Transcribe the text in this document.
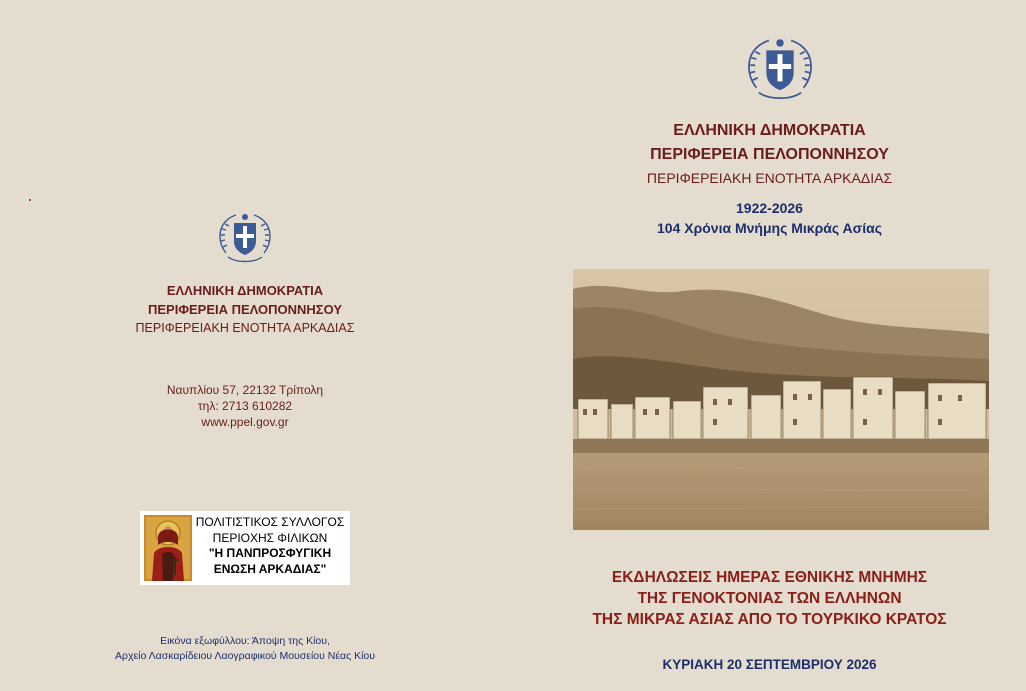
ΕΛΛΗΝΙΚΗ ΔΗΜΟΚΡΑΤΙΑ
ΠΕΡΙΦΕΡΕΙΑ ΠΕΛΟΠΟΝΝΗΣΟΥ
ΠΕΡΙΦΕΡΕΙΑΚΗ ΕΝΟΤΗΤΑ ΑΡΚΑΔΙΑΣ
Ναυπλίου 57, 22132 Τρίπολη
τηλ: 2713 610282
www.ppel.gov.gr
ΠΟΛΙΤΙΣΤΙΚΟΣ ΣΥΛΛΟΓΟΣ
ΠΕΡΙΟΧΗΣ ΦΙΛΙΚΩΝ
"Η ΠΑΝΠΡΟΣΦΥΓΙΚΗ
ΕΝΩΣΗ ΑΡΚΑΔΙΑΣ"
Εικόνα εξωφύλλου: Άποψη της Κίου,
Αρχείο Λασκαρίδειου Λαογραφικού Μουσείου Νέας Κίου
ΕΛΛΗΝΙΚΗ ΔΗΜΟΚΡΑΤΙΑ
ΠΕΡΙΦΕΡΕΙΑ ΠΕΛΟΠΟΝΝΗΣΟΥ
ΠΕΡΙΦΕΡΕΙΑΚΗ ΕΝΟΤΗΤΑ ΑΡΚΑΔΙΑΣ
1922-2026
104 Χρόνια Μνήμης Μικράς Ασίας
ΕΚΔΗΛΩΣΕΙΣ ΗΜΕΡΑΣ ΕΘΝΙΚΗΣ ΜΝΗΜΗΣ
ΤΗΣ ΓΕΝΟΚΤΟΝΙΑΣ ΤΩΝ ΕΛΛΗΝΩΝ
ΤΗΣ ΜΙΚΡΑΣ ΑΣΙΑΣ ΑΠΟ ΤΟ ΤΟΥΡΚΙΚΟ ΚΡΑΤΟΣ
ΚΥΡΙΑΚΗ 20 ΣΕΠΤΕΜΒΡΙΟΥ 2026
